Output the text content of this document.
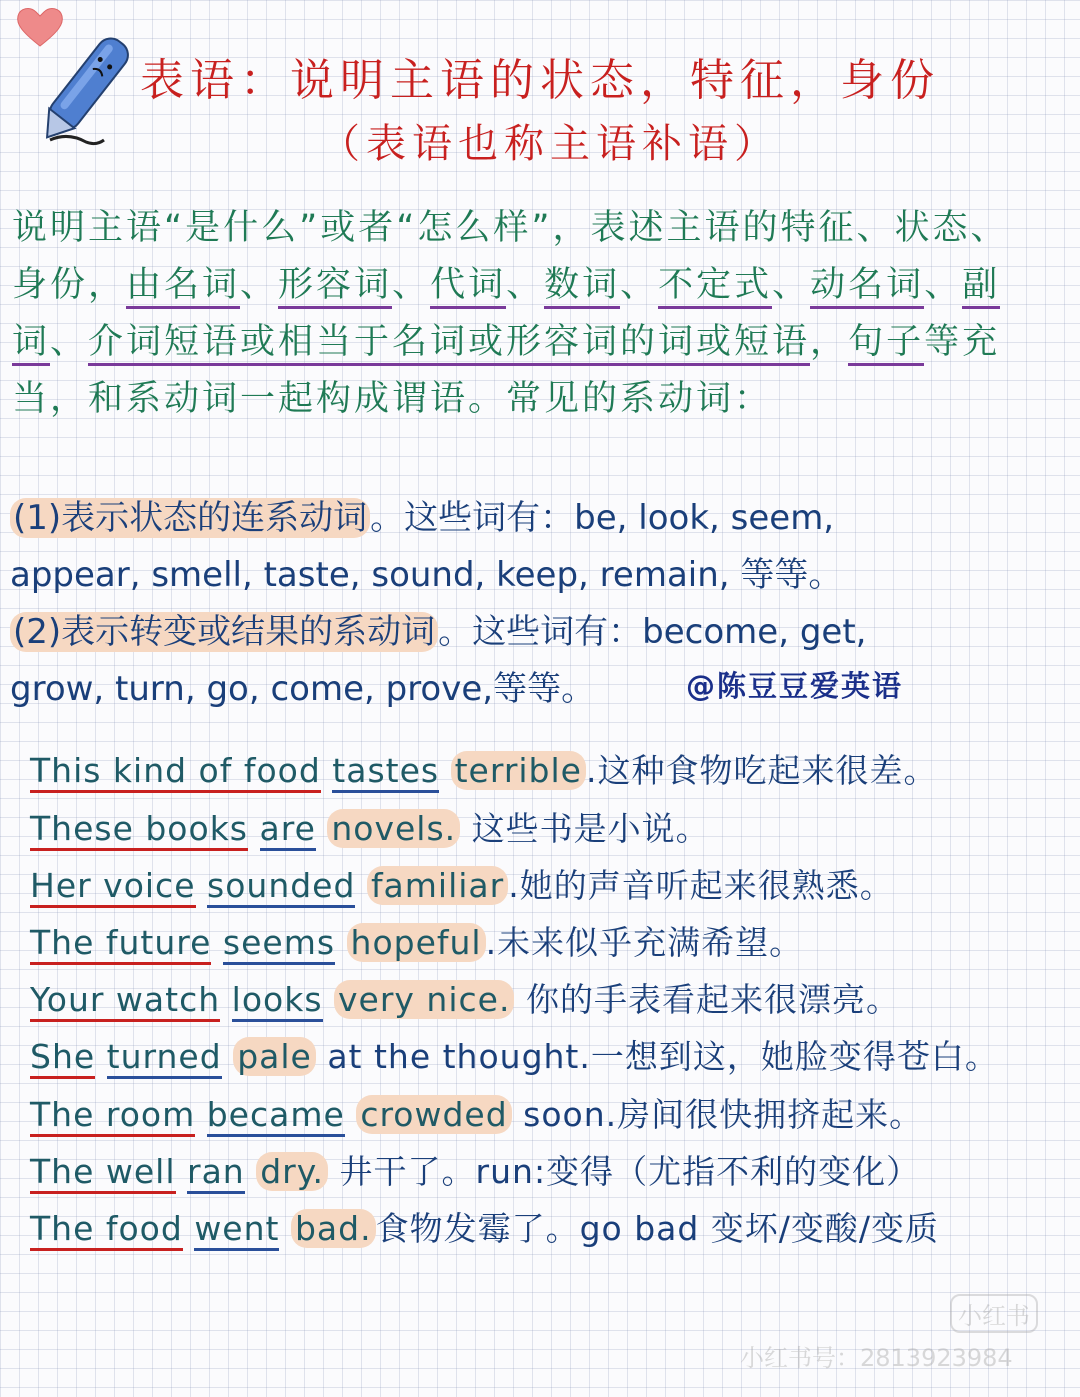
表语：说明主语的状态，特征，身份
（表语也称主语补语）
说明主语“是什么”或者“怎么样”，表述主语的特征、状态、身份，由名词、形容词、代词、数词、不定式、动名词、副词、介词短语或相当于名词或形容词的词或短语，句子等充当，和系动词一起构成谓语。常见的系动词：
(1)表示状态的连系动词。这些词有：be, look, seem,
appear, smell, taste, sound, keep, remain, 等等。
(2)表示转变或结果的系动词。这些词有：become, get,
grow, turn, go, come, prove,等等。	@陈豆豆爱英语
This kind of food tastes terrible .这种食物吃起来很差。
These books are novels. 这些书是小说。
Her voice sounded familiar .她的声音听起来很熟悉。
The future seems hopeful .未来似乎充满希望。
Your watch looks very nice. 你的手表看起来很漂亮。
She turned pale at the thought.一想到这，她脸变得苍白。
The room became crowded soon.房间很快拥挤起来。
The well ran dry. 井干了。run:变得（尤指不利的变化）
The food went bad. 食物发霉了。go bad 变坏/变酸/变质
小红书
小红书号：2813923984
